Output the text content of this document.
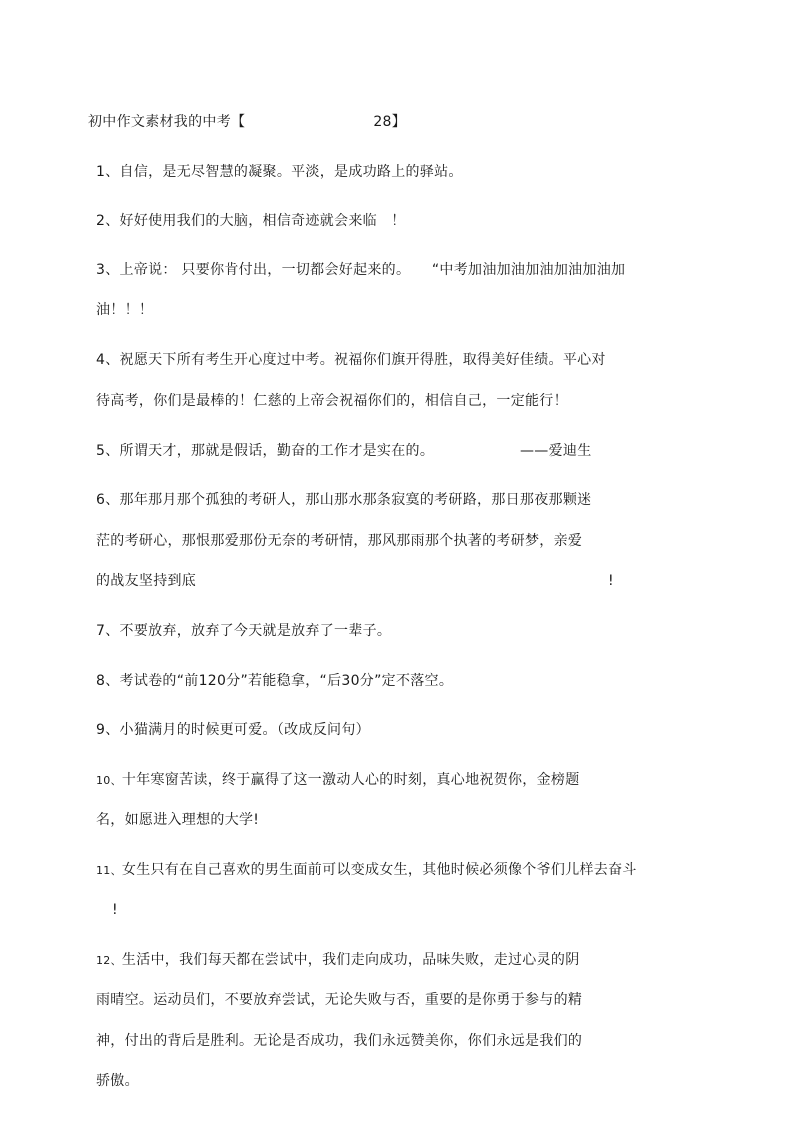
初中作文素材我的中考【	28】
1、自信，是无尽智慧的凝聚。平淡，是成功路上的驿站。
2、好好使用我们的大脑，相信奇迹就会来临　！
3、上帝说： 只要你肯付出，一切都会好起来的。　　“中考加油加油加油加油加油加
油！！！
4、祝愿天下所有考生开心度过中考。祝福你们旗开得胜，取得美好佳绩。平心对
待高考，你们是最棒的！仁慈的上帝会祝福你们的，相信自己，一定能行！
5、所谓天才，那就是假话，勤奋的工作才是实在的。	——爱迪生
6、那年那月那个孤独的考研人，那山那水那条寂寞的考研路，那日那夜那颗迷
茫的考研心，那恨那爱那份无奈的考研情，那风那雨那个执著的考研梦，亲爱
的战友坚持到底	!
7、不要放弃，放弃了今天就是放弃了一辈子。
8、考试卷的“前120分”若能稳拿，“后30分”定不落空。
9、小猫满月的时候更可爱。（改成反问句）
10、十年寒窗苦读，终于赢得了这一激动人心的时刻，真心地祝贺你，金榜题
名，如愿进入理想的大学!
11、女生只有在自己喜欢的男生面前可以变成女生，其他时候必须像个爷们儿样去奋斗
!
12、生活中，我们每天都在尝试中，我们走向成功，品味失败，走过心灵的阴
雨晴空。运动员们，不要放弃尝试，无论失败与否，重要的是你勇于参与的精
神，付出的背后是胜利。无论是否成功，我们永远赞美你，你们永远是我们的
骄傲。
